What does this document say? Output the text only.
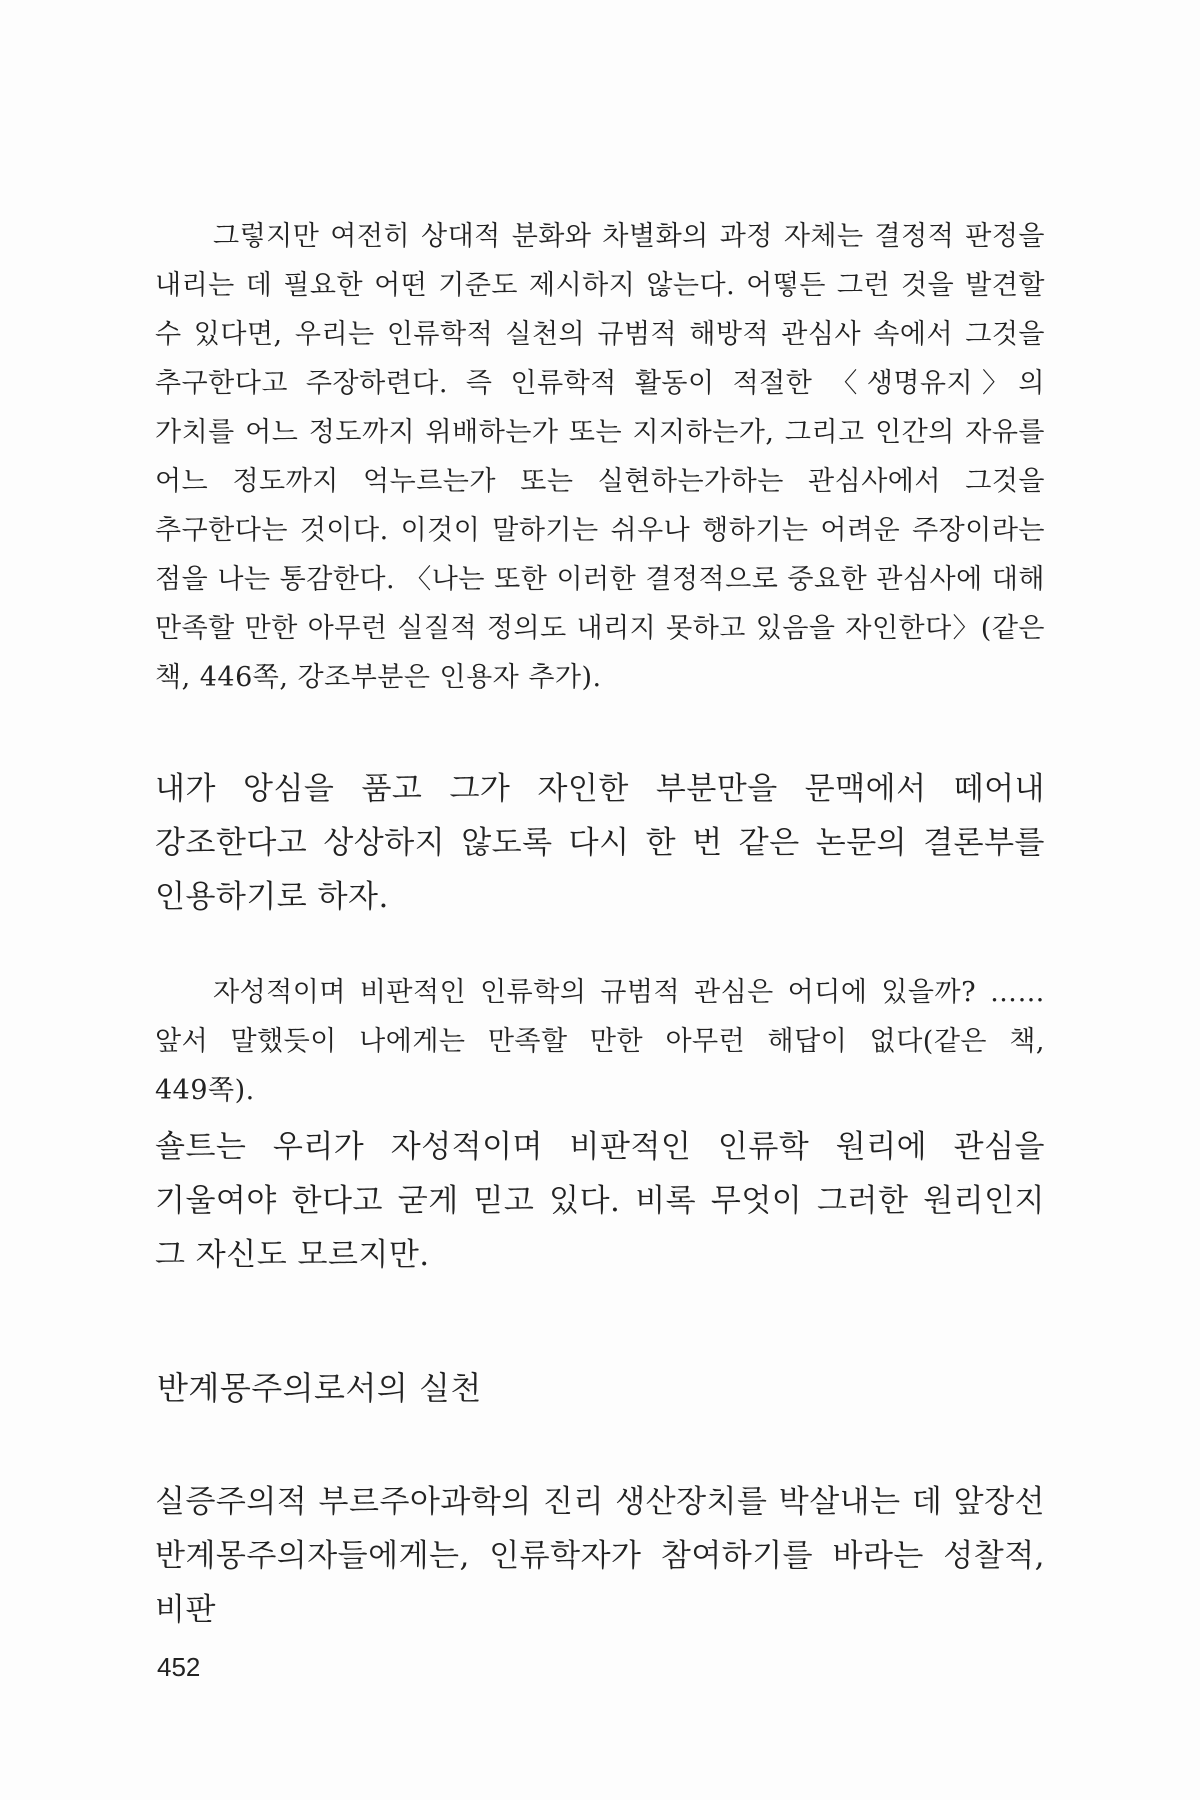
그렇지만 여전히 상대적 분화와 차별화의 과정 자체는 결정적 판정을 내리는 데 필요한 어떤 기준도 제시하지 않는다. 어떻든 그런 것을 발견할 수 있다면, 우리는 인류학적 실천의 규범적 해방적 관심사 속에서 그것을 추구한다고 주장하련다. 즉 인류학적 활동이 적절한 〈생명유지〉의 가치를 어느 정도까지 위배하는가 또는 지지하는가, 그리고 인간의 자유를 어느 정도까지 억누르는가 또는 실현하는가하는 관심사에서 그것을 추구한다는 것이다. 이것이 말하기는 쉬우나 행하기는 어려운 주장이라는 점을 나는 통감한다. 〈나는 또한 이러한 결정적으로 중요한 관심사에 대해 만족할 만한 아무런 실질적 정의도 내리지 못하고 있음을 자인한다〉(같은 책, 446쪽, 강조부분은 인용자 추가).

내가 앙심을 품고 그가 자인한 부분만을 문맥에서 떼어내 강조한다고 상상하지 않도록 다시 한 번 같은 논문의 결론부를 인용하기로 하자.

자성적이며 비판적인 인류학의 규범적 관심은 어디에 있을까? ……앞서 말했듯이 나에게는 만족할 만한 아무런 해답이 없다(같은 책, 449쪽).

숄트는 우리가 자성적이며 비판적인 인류학 원리에 관심을 기울여야 한다고 굳게 믿고 있다. 비록 무엇이 그러한 원리인지 그 자신도 모르지만.

반계몽주의로서의 실천

실증주의적 부르주아과학의 진리 생산장치를 박살내는 데 앞장선 반계몽주의자들에게는, 인류학자가 참여하기를 바라는 성찰적, 비판

452
